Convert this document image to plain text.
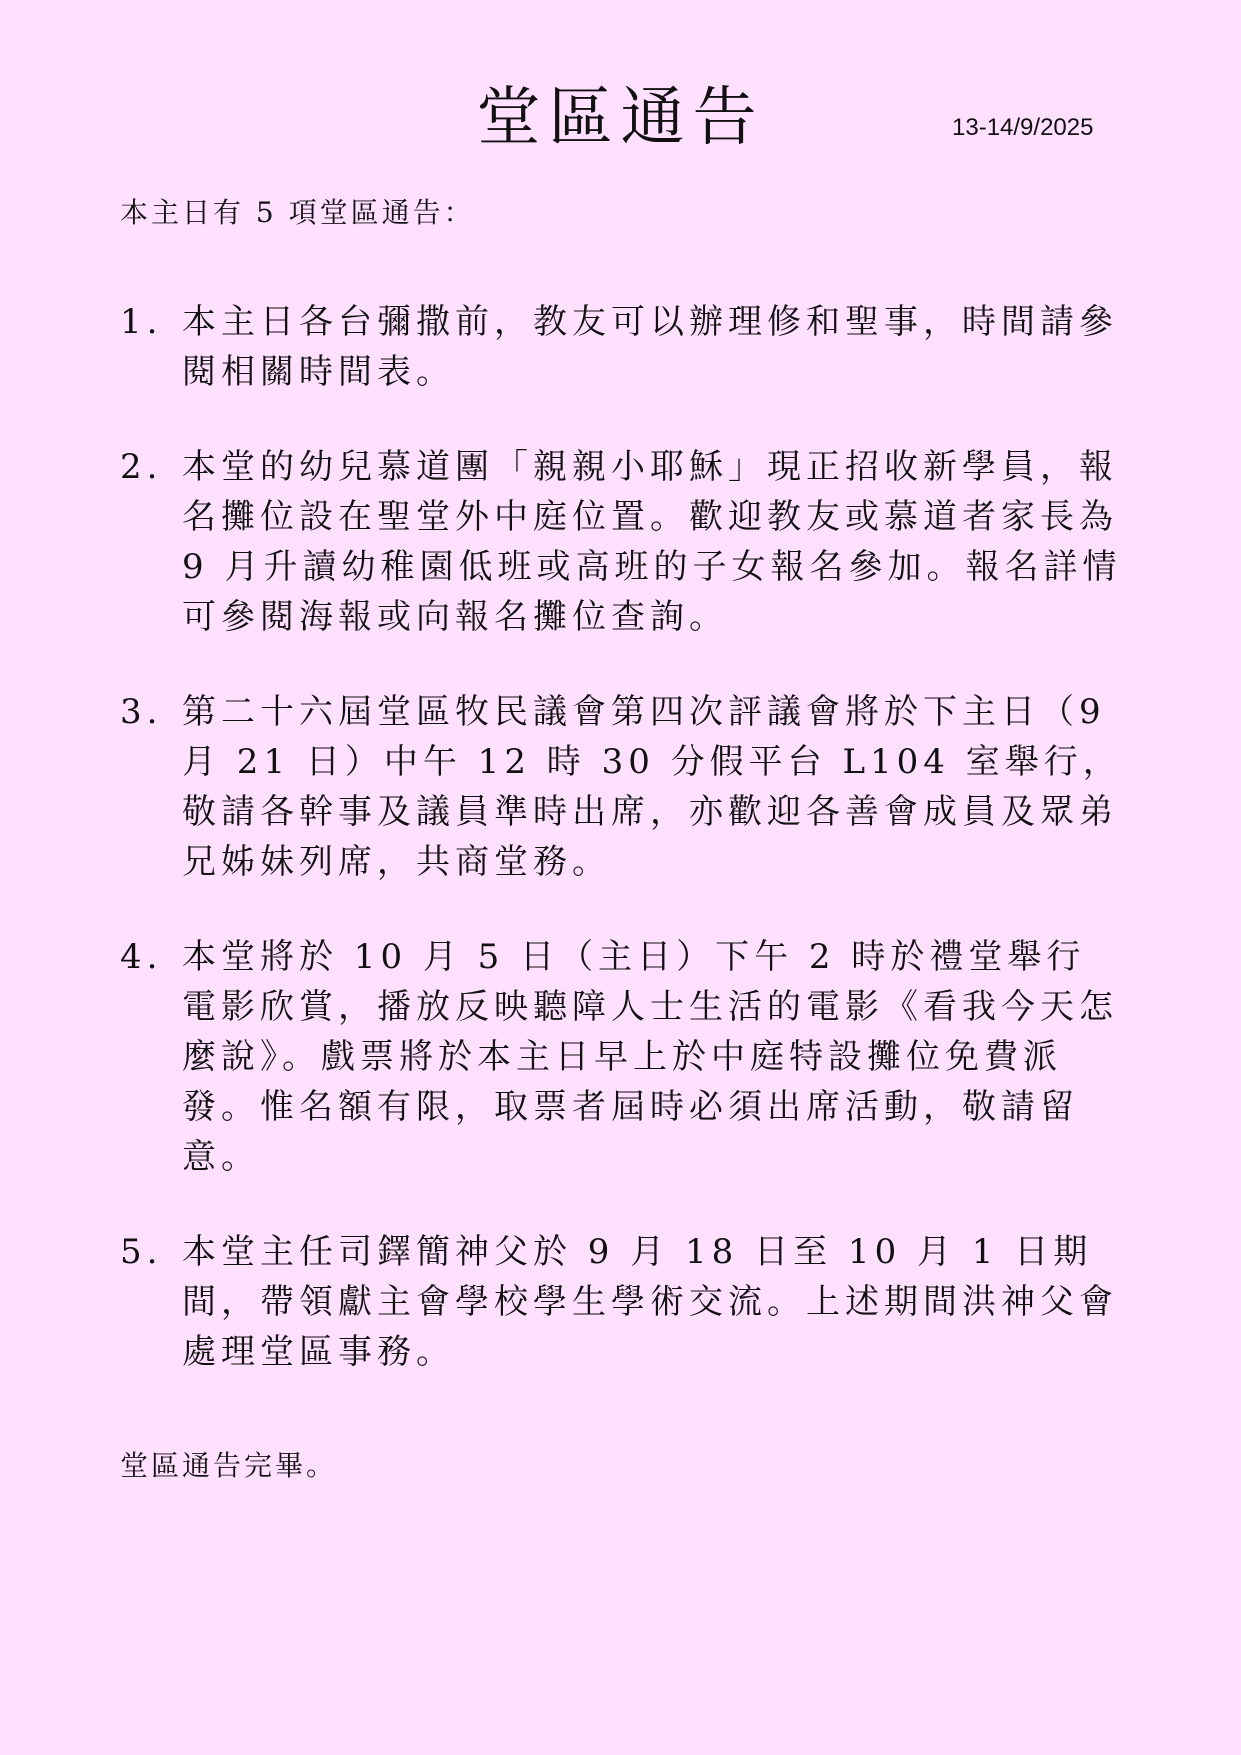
堂區通告	13-14/9/2025

本主日有 5 項堂區通告：

1. 本主日各台彌撒前，教友可以辦理修和聖事，時間請參閱相關時間表。
2. 本堂的幼兒慕道團「親親小耶穌」現正招收新學員，報名攤位設在聖堂外中庭位置。歡迎教友或慕道者家長為 9 月升讀幼稚園低班或高班的子女報名參加。報名詳情可參閱海報或向報名攤位查詢。
3. 第二十六屆堂區牧民議會第四次評議會將於下主日（9 月 21 日）中午 12 時 30 分假平台 L104 室舉行，敬請各幹事及議員準時出席，亦歡迎各善會成員及眾弟兄姊妹列席，共商堂務。
4. 本堂將於 10 月 5 日（主日）下午 2 時於禮堂舉行電影欣賞，播放反映聽障人士生活的電影《看我今天怎麼說》。戲票將於本主日早上於中庭特設攤位免費派發。惟名額有限，取票者屆時必須出席活動，敬請留意。
5. 本堂主任司鐸簡神父於 9 月 18 日至 10 月 1 日期間，帶領獻主會學校學生學術交流。上述期間洪神父會處理堂區事務。

堂區通告完畢。
